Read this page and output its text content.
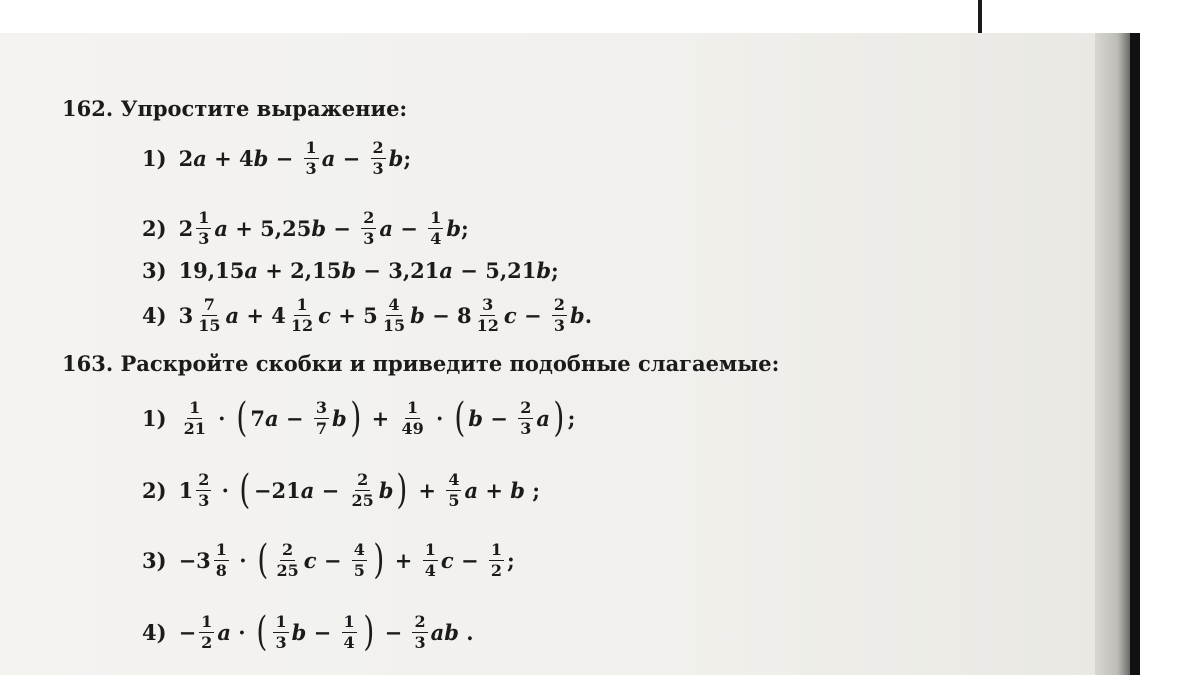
162. Упростите выражение:
1) 2 a + 4 $b - \frac{1}{3}$ $a - \frac{2}{3}$ b ;
2) $2 \frac{1}{3}$ a + 5,25 $b - \frac{2}{3}$ $a - \frac{1}{4}$ b ;
3) 19,15 a + 2,15 b − 3,21 a − 5,21 b ;
4) $3 \frac{7}{15}$ $a + 4 \frac{1}{12}$ $c + 5 \frac{4}{15}$ $b - 8 \frac{3}{12}$ $c - \frac{2}{3}$ b .
163. Раскройте скобки и приведите подобные слагаемые:
$1) \frac{1}{21}$ · ( 7 $a - \frac{3}{7}$ b ) + $\frac{1}{49}$ · ( $b - \frac{2}{3}$ a ) ;
2) $1 \frac{2}{3}$ · ( −21 $a - \frac{2}{25}$ b ) + $\frac{4}{5}$ a + b ;
$3) -3 \frac{1}{8}$ · ( $\frac{2}{25}$ $c - \frac{4}{5}$ ) + $\frac{1}{4}$ $c - \frac{1}{2}$ ;
$4) - \frac{1}{2}$ a · ( $\frac{1}{3}$ $b - \frac{1}{4}$ ) − $\frac{2}{3}$ ab .
